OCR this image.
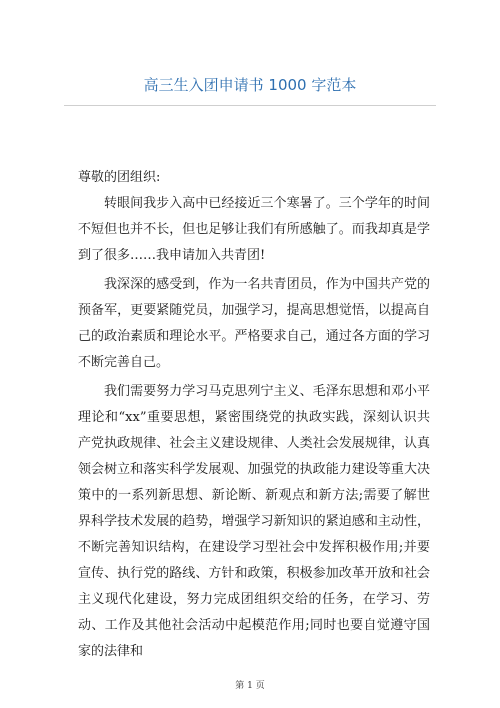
高三生入团申请书 1000 字范本

尊敬的团组织:

转眼间我步入高中已经接近三个寒暑了。三个学年的时间不短但也并不长，但也足够让我们有所感触了。而我却真是学到了很多……我申请加入共青团!

我深深的感受到，作为一名共青团员，作为中国共产党的预备军，更要紧随党员，加强学习，提高思想觉悟，以提高自己的政治素质和理论水平。严格要求自己，通过各方面的学习不断完善自己。

我们需要努力学习马克思列宁主义、毛泽东思想和邓小平理论和“xx”重要思想，紧密围绕党的执政实践，深刻认识共产党执政规律、社会主义建设规律、人类社会发展规律，认真领会树立和落实科学发展观、加强党的执政能力建设等重大决策中的一系列新思想、新论断、新观点和新方法;需要了解世界科学技术发展的趋势，增强学习新知识的紧迫感和主动性，不断完善知识结构，在建设学习型社会中发挥积极作用;并要宣传、执行党的路线、方针和政策，积极参加改革开放和社会主义现代化建设，努力完成团组织交给的任务，在学习、劳动、工作及其他社会活动中起模范作用;同时也要自觉遵守国家的法律和

第 1 页
